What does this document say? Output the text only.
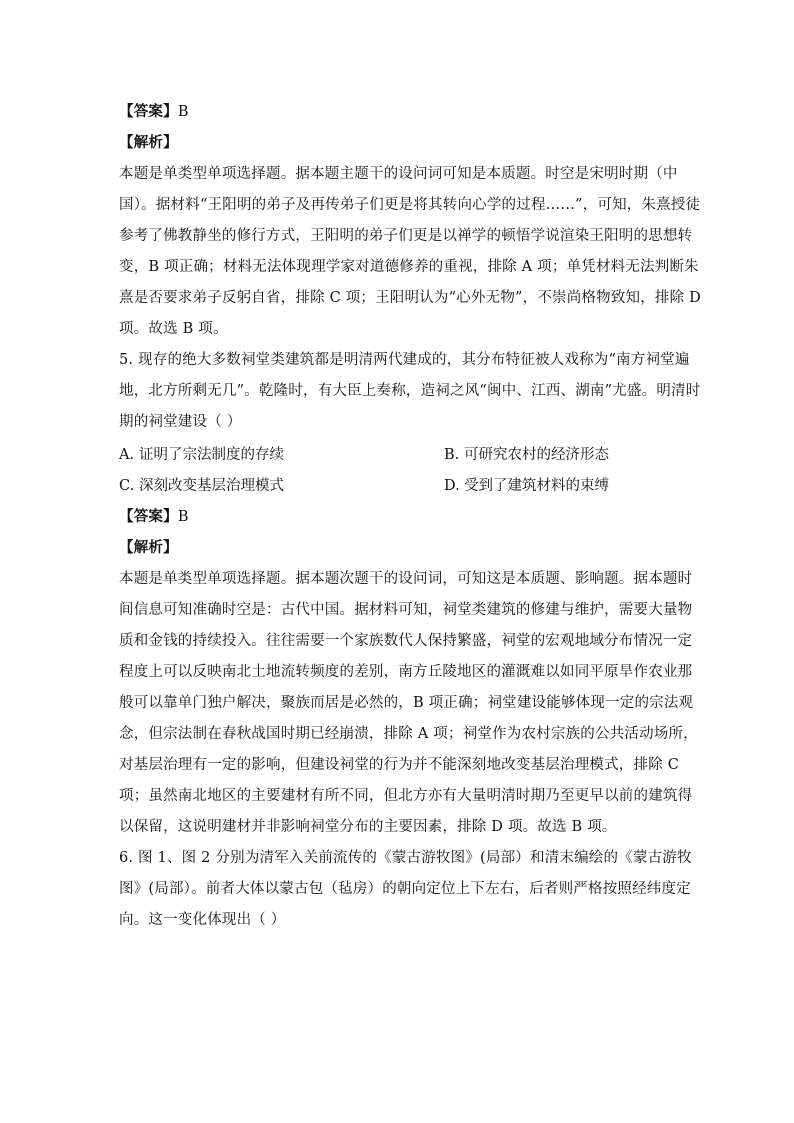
【答案】B
【解析】
本题是单类型单项选择题。据本题主题干的设问词可知是本质题。时空是宋明时期（中
国）。据材料“王阳明的弟子及再传弟子们更是将其转向心学的过程……”，可知，朱熹授徒
参考了佛教静坐的修行方式，王阳明的弟子们更是以禅学的顿悟学说渲染王阳明的思想转
变，B 项正确；材料无法体现理学家对道德修养的重视，排除 A 项；单凭材料无法判断朱
熹是否要求弟子反躬自省，排除 C 项；王阳明认为“心外无物”，不崇尚格物致知，排除 D
项。故选 B 项。
5. 现存的绝大多数祠堂类建筑都是明清两代建成的，其分布特征被人戏称为“南方祠堂遍
地，北方所剩无几”。乾隆时，有大臣上奏称，造祠之风“闽中、江西、湖南”尤盛。明清时
期的祠堂建设（ ）
A. 证明了宗法制度的存续	B. 可研究农村的经济形态
C. 深刻改变基层治理模式	D. 受到了建筑材料的束缚
【答案】B
【解析】
本题是单类型单项选择题。据本题次题干的设问词，可知这是本质题、影响题。据本题时
间信息可知准确时空是：古代中国。据材料可知，祠堂类建筑的修建与维护，需要大量物
质和金钱的持续投入。往往需要一个家族数代人保持繁盛，祠堂的宏观地域分布情况一定
程度上可以反映南北土地流转频度的差别，南方丘陵地区的灌溉难以如同平原旱作农业那
般可以靠单门独户解决，聚族而居是必然的，B 项正确；祠堂建设能够体现一定的宗法观
念，但宗法制在春秋战国时期已经崩溃，排除 A 项；祠堂作为农村宗族的公共活动场所，
对基层治理有一定的影响，但建设祠堂的行为并不能深刻地改变基层治理模式，排除 C
项；虽然南北地区的主要建材有所不同，但北方亦有大量明清时期乃至更早以前的建筑得
以保留，这说明建材并非影响祠堂分布的主要因素，排除 D 项。故选 B 项。
6. 图 1、图 2 分别为清军入关前流传的《蒙古游牧图》(局部）和清末编绘的《蒙古游牧
图》(局部）。前者大体以蒙古包（毡房）的朝向定位上下左右，后者则严格按照经纬度定
向。这一变化体现出（ ）
